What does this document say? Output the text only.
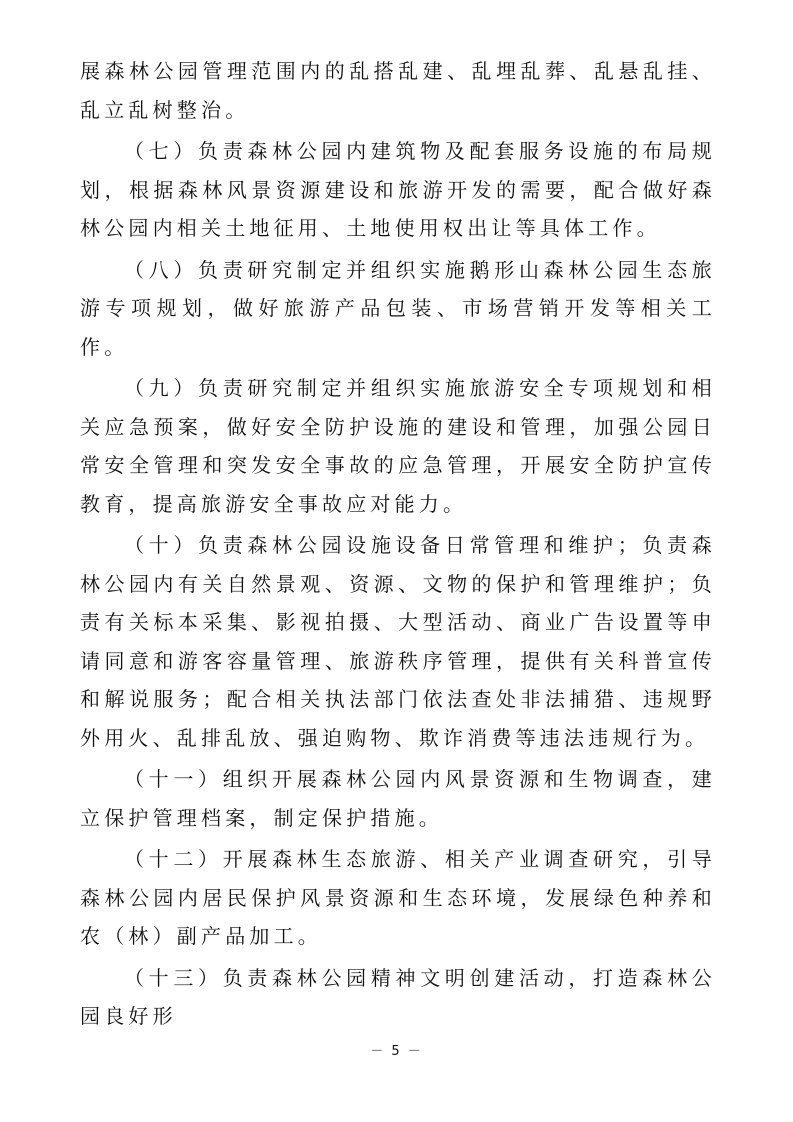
展森林公园管理范围内的乱搭乱建、乱埋乱葬、乱悬乱挂、乱立乱树整治。

（七）负责森林公园内建筑物及配套服务设施的布局规划，根据森林风景资源建设和旅游开发的需要，配合做好森林公园内相关土地征用、土地使用权出让等具体工作。

（八）负责研究制定并组织实施鹅形山森林公园生态旅游专项规划，做好旅游产品包装、市场营销开发等相关工作。

（九）负责研究制定并组织实施旅游安全专项规划和相关应急预案，做好安全防护设施的建设和管理，加强公园日常安全管理和突发安全事故的应急管理，开展安全防护宣传教育，提高旅游安全事故应对能力。

（十）负责森林公园设施设备日常管理和维护；负责森林公园内有关自然景观、资源、文物的保护和管理维护；负责有关标本采集、影视拍摄、大型活动、商业广告设置等申请同意和游客容量管理、旅游秩序管理，提供有关科普宣传和解说服务；配合相关执法部门依法查处非法捕猎、违规野外用火、乱排乱放、强迫购物、欺诈消费等违法违规行为。

（十一）组织开展森林公园内风景资源和生物调查，建立保护管理档案，制定保护措施。

（十二）开展森林生态旅游、相关产业调查研究，引导森林公园内居民保护风景资源和生态环境，发展绿色种养和农（林）副产品加工。

（十三）负责森林公园精神文明创建活动，打造森林公园良好形

－ 5 －
